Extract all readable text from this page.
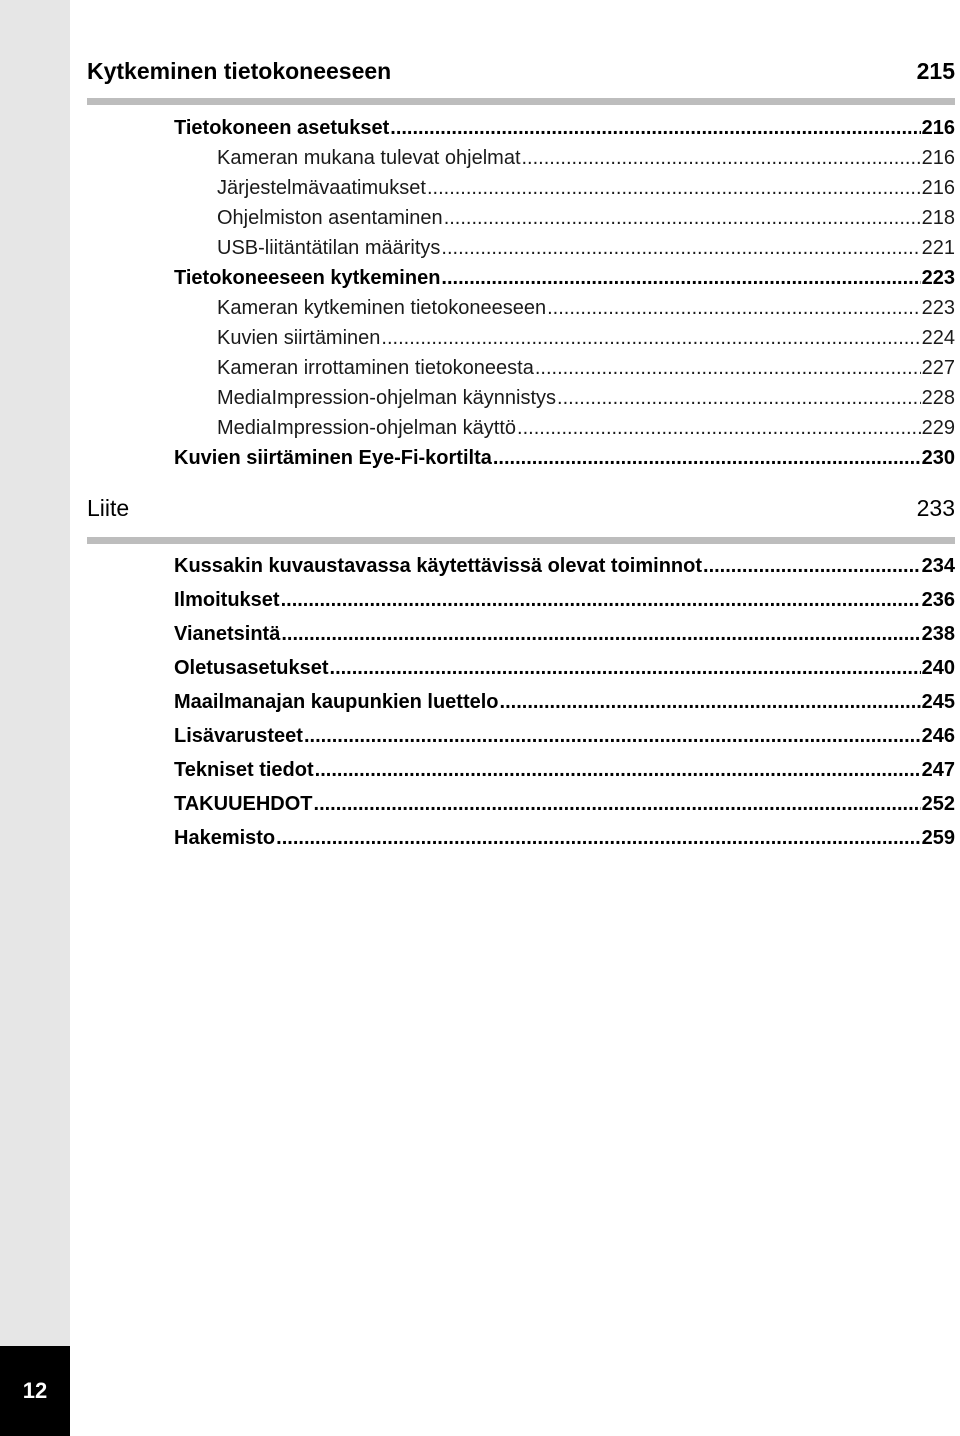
12
Kytkeminen tietokoneeseen	215
Tietokoneen asetukset .....	216
Kameran mukana tulevat ohjelmat .....	216
Järjestelmävaatimukset .....	216
Ohjelmiston asentaminen .....	218
USB-liitäntätilan määritys .....	221
Tietokoneeseen kytkeminen .....	223
Kameran kytkeminen tietokoneeseen .....	223
Kuvien siirtäminen .....	224
Kameran irrottaminen tietokoneesta .....	227
MediaImpression-ohjelman käynnistys .....	228
MediaImpression-ohjelman käyttö .....	229
Kuvien siirtäminen Eye-Fi-kortilta .....	230
Liite	233
Kussakin kuvaustavassa käytettävissä olevat toiminnot .....	234
Ilmoitukset .....	236
Vianetsintä .....	238
Oletusasetukset .....	240
Maailmanajan kaupunkien luettelo .....	245
Lisävarusteet .....	246
Tekniset tiedot .....	247
TAKUUEHDOT .....	252
Hakemisto .....	259
